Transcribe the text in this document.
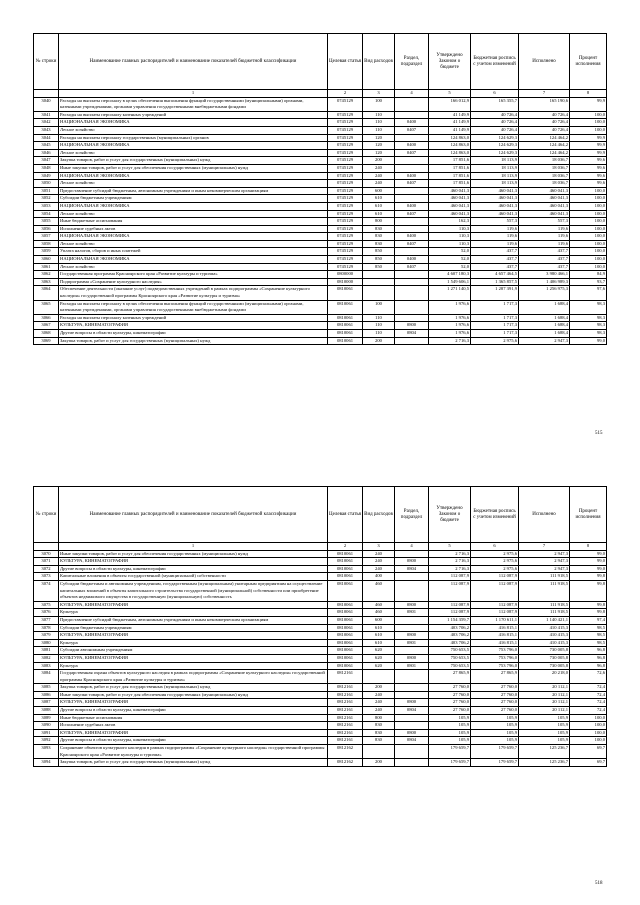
№ строки	Наименование главных распорядителей и наименование показателей бюджетной классификации	Целевая статья	Вид расходов	Раздел, подраздел	Утверждено Законом о бюджете	Бюджетная роспись с учетом изменений	Исполнено	Процент исполнения
	1	2	3	4	5	6	7	8
3040	Расходы на выплаты персоналу в целях обеспечения выполнения функций государственными (муниципальными) органами, казенными учреждениями, органами управления государственными внебюджетными фондами	0745129	100		166 012,9	165 355,7	165 190,6	99,9
3041	Расходы на выплаты персоналу казенных учреждений	0745129	110		41 149,9	40 726,4	40 726,4	100,0
3042	НАЦИОНАЛЬНАЯ ЭКОНОМИКА	0745129	110	0400	41 149,9	40 726,4	40 726,4	100,0
3043	Лесное хозяйство	0745129	110	0407	41 149,9	40 726,4	40 726,4	100,0
3044	Расходы на выплаты персоналу государственных (муниципальных) органов	0745129	120		124 863,0	124 629,3	124 464,2	99,9
3045	НАЦИОНАЛЬНАЯ ЭКОНОМИКА	0745129	120	0400	124 863,0	124 629,3	124 464,2	99,9
3046	Лесное хозяйство	0745129	120	0407	124 863,0	124 629,3	124 464,2	99,9
3047	Закупка товаров, работ и услуг для государственных (муниципальных) нужд	0745129	200		17 851,6	18 113,9	18 036,7	99,6
3048	Иные закупки товаров, работ и услуг для обеспечения государственных (муниципальных) нужд	0745129	240		17 851,6	18 113,9	18 036,7	99,6
3049	НАЦИОНАЛЬНАЯ ЭКОНОМИКА	0745129	240	0400	17 851,6	18 113,9	18 036,7	99,6
3050	Лесное хозяйство	0745129	240	0407	17 851,6	18 113,9	18 036,7	99,6
3051	Предоставление субсидий бюджетным, автономным учреждениям и иным некоммерческим организациям	0745129	600		460 041,3	460 041,3	460 041,3	100,0
3052	Субсидии бюджетным учреждениям	0745129	610		460 041,3	460 041,3	460 041,3	100,0
3053	НАЦИОНАЛЬНАЯ ЭКОНОМИКА	0745129	610	0400	460 041,3	460 041,3	460 041,3	100,0
3054	Лесное хозяйство	0745129	610	0407	460 041,3	460 041,3	460 041,3	100,0
3055	Иные бюджетные ассигнования	0745129	800		162,3	557,3	557,3	100,0
3056	Исполнение судебных актов	0745129	830		110,3	119,6	119,6	100,0
3057	НАЦИОНАЛЬНАЯ ЭКОНОМИКА	0745129	830	0400	110,3	119,6	119,6	100,0
3058	Лесное хозяйство	0745129	830	0407	110,3	119,6	119,6	100,0
3059	Уплата налогов, сборов и иных платежей	0745129	850		52,0	437,7	437,7	100,0
3060	НАЦИОНАЛЬНАЯ ЭКОНОМИКА	0745129	850	0400	52,0	437,7	437,7	100,0
3061	Лесное хозяйство	0745129	850	0407	52,0	437,7	437,7	100,0
3062	Государственная программа Красноярского края «Развитие культуры и туризма»	0800000			4 607 180,3	4 657 464,5	3 980 466,1	84,9
3063	Подпрограмма «Сохранение культурного наследия»	0810000			1 549 606,1	1 365 857,5	1 406 989,3	93,7
3064	Обеспечение деятельности (оказание услуг) подведомственных учреждений в рамках подпрограммы «Сохранение культурного наследия» государственной программы Красноярского края «Развитие культуры и туризма»	0810061			1 271 140,5	1 287 391,9	1 256 975,3	97,6
3065	Расходы на выплаты персоналу в целях обеспечения выполнения функций государственными (муниципальными) органами, казенными учреждениями, органами управления государственными внебюджетными фондами	0810061	100		1 976,6	1 717,3	1 688,4	98,3
3066	Расходы на выплаты персоналу казенных учреждений	0810061	110		1 976,6	1 717,3	1 688,4	98,3
3067	КУЛЬТУРА, КИНЕМАТОГРАФИЯ	0810061	110	0800	1 976,6	1 717,3	1 688,4	98,3
3068	Другие вопросы в области культуры, кинематографии	0810061	110	0804	1 976,6	1 717,3	1 688,4	98,3
3069	Закупка товаров, работ и услуг для государственных (муниципальных) нужд	0810061	200		2 716,3	2 975,6	2 947,3	99,0
515
№ строки	Наименование главных распорядителей и наименование показателей бюджетной классификации	Целевая статья	Вид расходов	Раздел, подраздел	Утверждено Законом о бюджете	Бюджетная роспись с учетом изменений	Исполнено	Процент исполнения
	1	2	3	4	5	6	7	8
3070	Иные закупки товаров, работ и услуг для обеспечения государственных (муниципальных) нужд	0810061	240		2 716,3	2 975,6	2 947,3	99,0
3071	КУЛЬТУРА, КИНЕМАТОГРАФИЯ	0810061	240	0800	2 716,3	2 975,6	2 947,3	99,0
3072	Другие вопросы в области культуры, кинематографии	0810061	240	0804	2 716,3	2 975,6	2 947,3	99,0
3073	Капитальные вложения в объекты государственной (муниципальной) собственности	0810061	400		112 087,9	112 087,9	111 918,5	99,8
3074	Субсидии бюджетным и автономным учреждениям, государственным (муниципальным) унитарным предприятиям на осуществление капитальных вложений в объекты капитального строительства государственной (муниципальной) собственности или приобретение объектов недвижимого имущества в государственную (муниципальную) собственность	0810061	460		112 087,9	112 087,9	111 918,5	99,8
3075	КУЛЬТУРА, КИНЕМАТОГРАФИЯ	0810061	460	0800	112 087,9	112 087,9	111 918,5	99,8
3076	Культура	0810061	460	0801	112 087,9	112 087,9	111 918,5	99,8
3077	Предоставление субсидий бюджетным, автономным учреждениям и иным некоммерческим организациям	0810061	600		1 154 359,7	1 170 611,1	1 140 421,1	97,4
3078	Субсидии бюджетным учреждениям	0810061	610		403 706,2	416 815,1	410 415,3	98,5
3079	КУЛЬТУРА, КИНЕМАТОГРАФИЯ	0810061	610	0800	403 706,2	416 815,1	410 415,3	98,5
3080	Культура	0810061	610	0801	403 706,2	416 815,1	410 415,3	98,5
3081	Субсидии автономным учреждениям	0810061	620		750 653,5	753 796,0	730 005,8	96,8
3082	КУЛЬТУРА, КИНЕМАТОГРАФИЯ	0810061	620	0800	750 653,5	753 796,0	730 005,8	96,8
3083	Культура	0810061	620	0801	750 653,5	753 796,0	730 005,8	96,8
3084	Государственная охрана объектов культурного наследия в рамках подпрограммы «Сохранение культурного наследия» государственной программы Красноярского края «Развитие культуры и туризма»	0812161			27 865,9	27 865,9	20 218,0	72,6
3085	Закупка товаров, работ и услуг для государственных (муниципальных) нужд	0812161	200		27 760,0	27 760,0	20 112,1	72,4
3086	Иные закупки товаров, работ и услуг для обеспечения государственных (муниципальных) нужд	0812161	240		27 760,0	27 760,0	20 112,1	72,4
3087	КУЛЬТУРА, КИНЕМАТОГРАФИЯ	0812161	240	0800	27 760,0	27 760,0	20 112,1	72,4
3088	Другие вопросы в области культуры, кинематографии	0812161	240	0804	27 760,0	27 760,0	20 112,1	72,4
3089	Иные бюджетные ассигнования	0812161	800		105,9	105,9	105,9	100,0
3090	Исполнение судебных актов	0812161	830		105,9	105,9	105,9	100,0
3091	КУЛЬТУРА, КИНЕМАТОГРАФИЯ	0812161	830	0800	105,9	105,9	105,9	100,0
3092	Другие вопросы в области культуры, кинематографии	0812161	830	0804	105,9	105,9	105,9	100,0
3093	Сохранение объектов культурного наследия в рамках подпрограммы «Сохранение культурного наследия» государственной программы Красноярского края «Развитие культуры и туризма»	0812162			179 659,7	179 659,7	125 236,7	69,7
3094	Закупка товаров, работ и услуг для государственных (муниципальных) нужд	0812162	200		179 659,7	179 659,7	125 236,7	69,7
518
